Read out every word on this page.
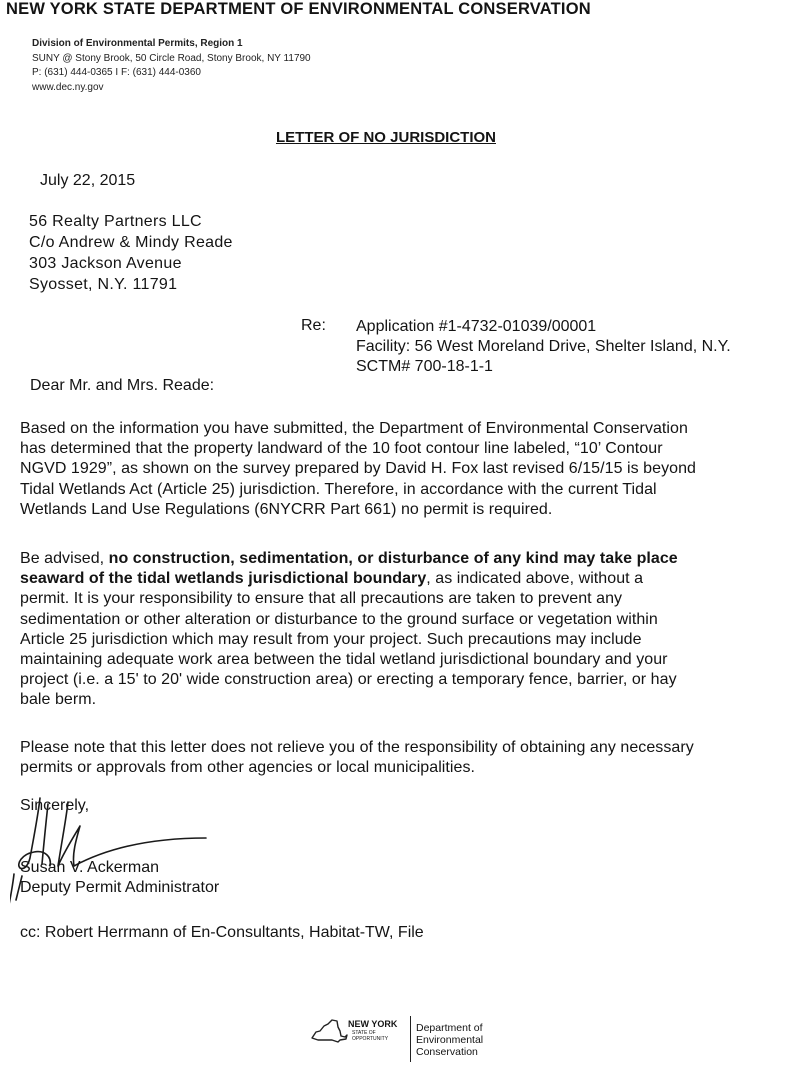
NEW YORK STATE DEPARTMENT OF ENVIRONMENTAL CONSERVATION
Division of Environmental Permits, Region 1
SUNY @ Stony Brook, 50 Circle Road, Stony Brook, NY 11790
P: (631) 444-0365 I F: (631) 444-0360
www.dec.ny.gov
LETTER OF NO JURISDICTION
July 22, 2015
56 Realty Partners LLC
C/o Andrew & Mindy Reade
303 Jackson Avenue
Syosset, N.Y. 11791
Re: Application #1-4732-01039/00001
Facility: 56 West Moreland Drive, Shelter Island, N.Y.
SCTM# 700-18-1-1
Dear Mr. and Mrs. Reade:
Based on the information you have submitted, the Department of Environmental Conservation
has determined that the property landward of the 10 foot contour line labeled, “10’ Contour
NGVD 1929”, as shown on the survey prepared by David H. Fox last revised 6/15/15 is beyond
Tidal Wetlands Act (Article 25) jurisdiction. Therefore, in accordance with the current Tidal
Wetlands Land Use Regulations (6NYCRR Part 661) no permit is required.
Be advised, no construction, sedimentation, or disturbance of any kind may take place
seaward of the tidal wetlands jurisdictional boundary, as indicated above, without a
permit. It is your responsibility to ensure that all precautions are taken to prevent any
sedimentation or other alteration or disturbance to the ground surface or vegetation within
Article 25 jurisdiction which may result from your project. Such precautions may include
maintaining adequate work area between the tidal wetland jurisdictional boundary and your
project (i.e. a 15' to 20' wide construction area) or erecting a temporary fence, barrier, or hay
bale berm.
Please note that this letter does not relieve you of the responsibility of obtaining any necessary
permits or approvals from other agencies or local municipalities.
Sincerely,
Susan V. Ackerman
Deputy Permit Administrator
cc: Robert Herrmann of En-Consultants, Habitat-TW, File
NEW YORK
STATE OF
OPPORTUNITY
Department of
Environmental
Conservation
